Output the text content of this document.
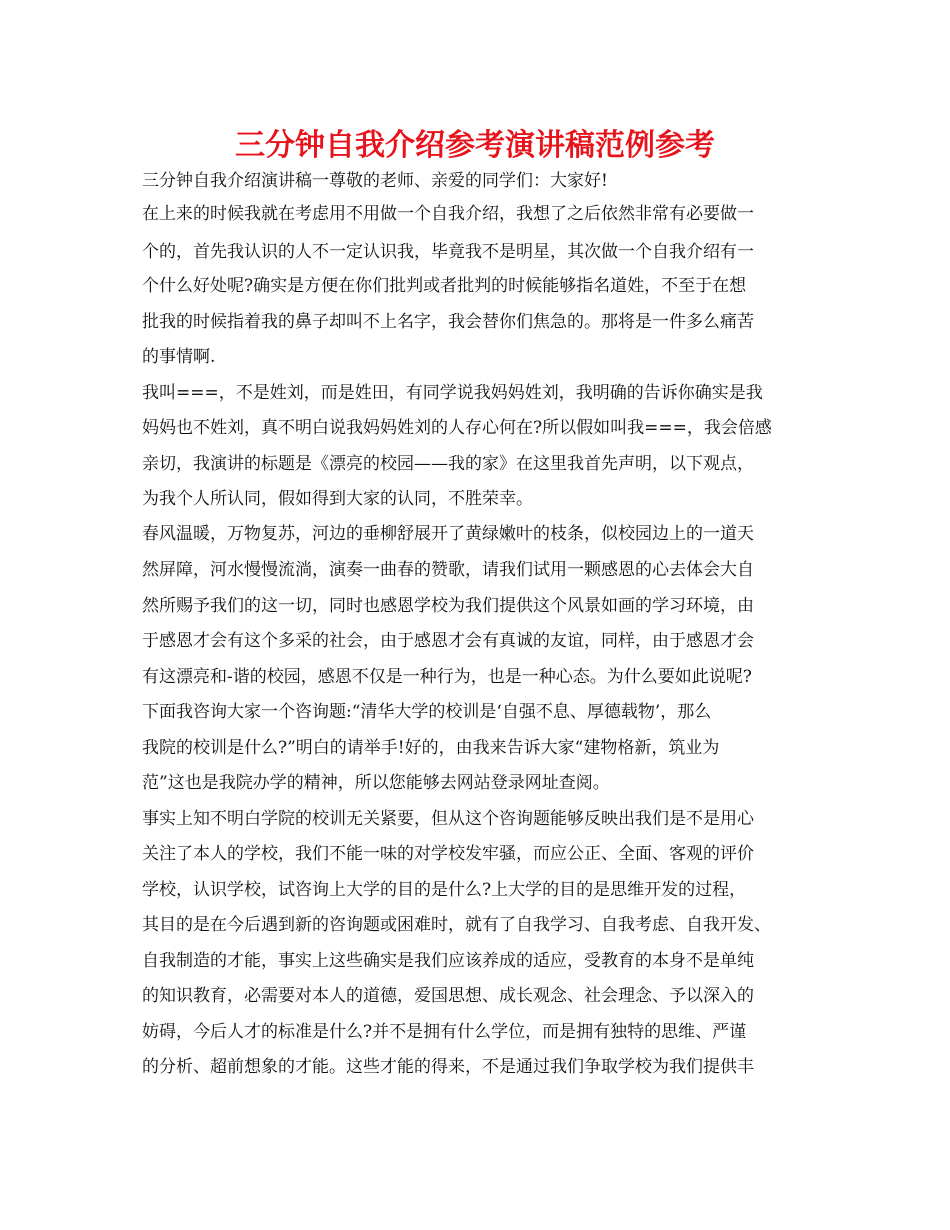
三分钟自我介绍参考演讲稿范例参考
三分钟自我介绍演讲稿一尊敬的老师、亲爱的同学们：大家好!
在上来的时候我就在考虑用不用做一个自我介绍，我想了之后依然非常有必要做一
个的，首先我认识的人不一定认识我，毕竟我不是明星，其次做一个自我介绍有一
个什么好处呢?确实是方便在你们批判或者批判的时候能够指名道姓，不至于在想
批我的时候指着我的鼻子却叫不上名字，我会替你们焦急的。那将是一件多么痛苦
的事情啊.
我叫===，不是姓刘，而是姓田，有同学说我妈妈姓刘，我明确的告诉你确实是我
妈妈也不姓刘，真不明白说我妈妈姓刘的人存心何在?所以假如叫我===，我会倍感
亲切，我演讲的标题是《漂亮的校园——我的家》在这里我首先声明，以下观点，
为我个人所认同，假如得到大家的认同，不胜荣幸。
春风温暖，万物复苏，河边的垂柳舒展开了黄绿嫩叶的枝条，似校园边上的一道天
然屏障，河水慢慢流淌，演奏一曲春的赞歌，请我们试用一颗感恩的心去体会大自
然所赐予我们的这一切，同时也感恩学校为我们提供这个风景如画的学习环境，由
于感恩才会有这个多采的社会，由于感恩才会有真诚的友谊，同样，由于感恩才会
有这漂亮和-谐的校园，感恩不仅是一种行为，也是一种心态。为什么要如此说呢?
下面我咨询大家一个咨询题:“清华大学的校训是‘自强不息、厚德载物’，那么
我院的校训是什么?”明白的请举手!好的，由我来告诉大家“建物格新，筑业为
范”这也是我院办学的精神，所以您能够去网站登录网址查阅。
事实上知不明白学院的校训无关紧要，但从这个咨询题能够反映出我们是不是用心
关注了本人的学校，我们不能一味的对学校发牢骚，而应公正、全面、客观的评价
学校，认识学校，试咨询上大学的目的是什么?上大学的目的是思维开发的过程，
其目的是在今后遇到新的咨询题或困难时，就有了自我学习、自我考虑、自我开发、
自我制造的才能，事实上这些确实是我们应该养成的适应，受教育的本身不是单纯
的知识教育，必需要对本人的道德，爱国思想、成长观念、社会理念、予以深入的
妨碍，今后人才的标准是什么?并不是拥有什么学位，而是拥有独特的思维、严谨
的分析、超前想象的才能。这些才能的得来，不是通过我们争取学校为我们提供丰
